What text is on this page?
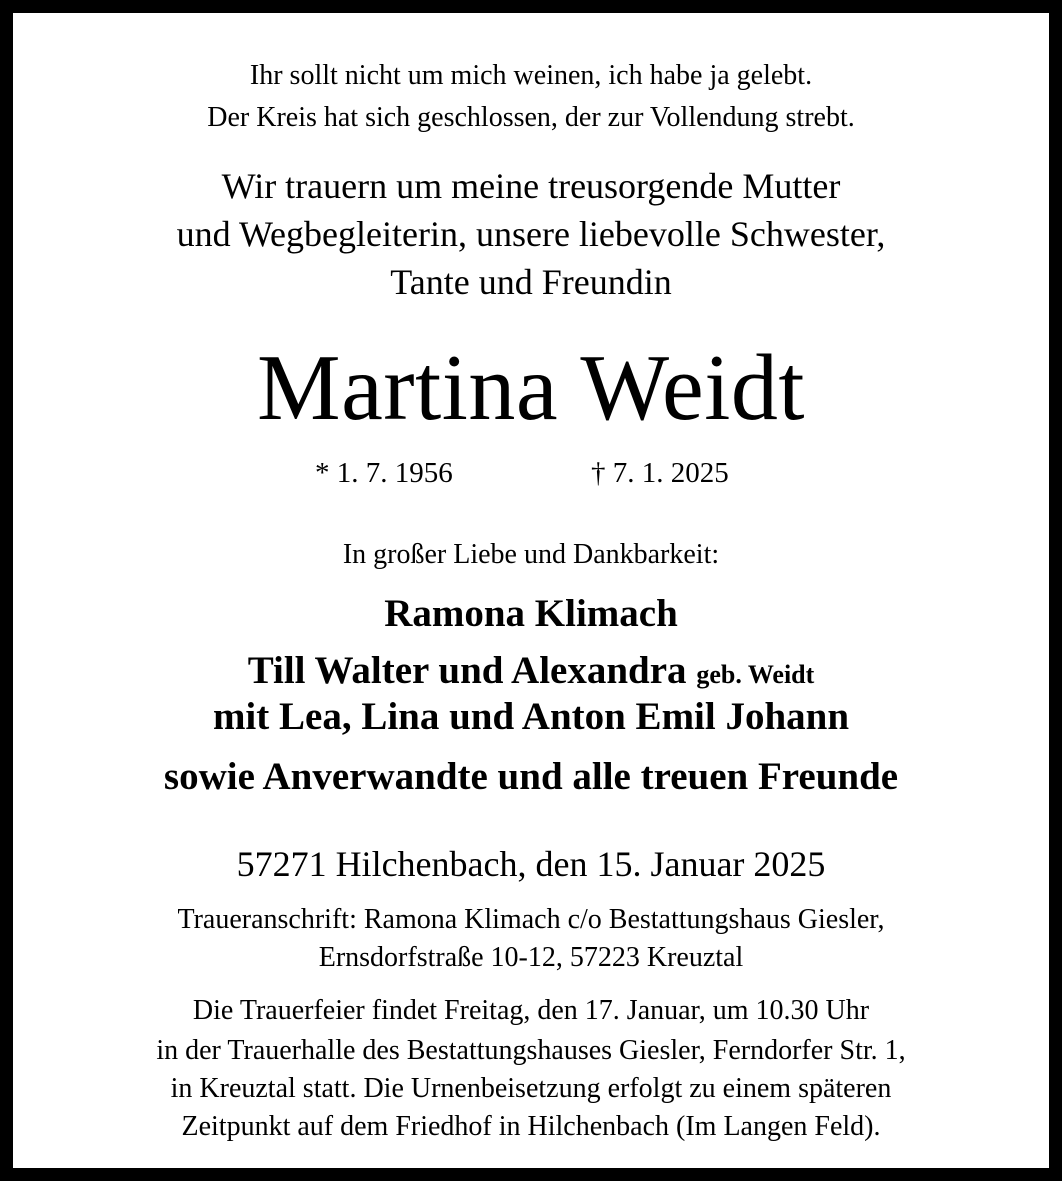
Ihr sollt nicht um mich weinen, ich habe ja gelebt.
Der Kreis hat sich geschlossen, der zur Vollendung strebt.
Wir trauern um meine treusorgende Mutter
und Wegbegleiterin, unsere liebevolle Schwester,
Tante und Freundin
Martina Weidt
* 1. 7. 1956	† 7. 1. 2025
In großer Liebe und Dankbarkeit:
Ramona Klimach
Till Walter und Alexandra geb. Weidt
mit Lea, Lina und Anton Emil Johann
sowie Anverwandte und alle treuen Freunde
57271 Hilchenbach, den 15. Januar 2025
Traueranschrift: Ramona Klimach c/o Bestattungshaus Giesler,
Ernsdorfstraße 10-12, 57223 Kreuztal
Die Trauerfeier findet Freitag, den 17. Januar, um 10.30 Uhr
in der Trauerhalle des Bestattungshauses Giesler, Ferndorfer Str. 1,
in Kreuztal statt. Die Urnenbeisetzung erfolgt zu einem späteren
Zeitpunkt auf dem Friedhof in Hilchenbach (Im Langen Feld).
